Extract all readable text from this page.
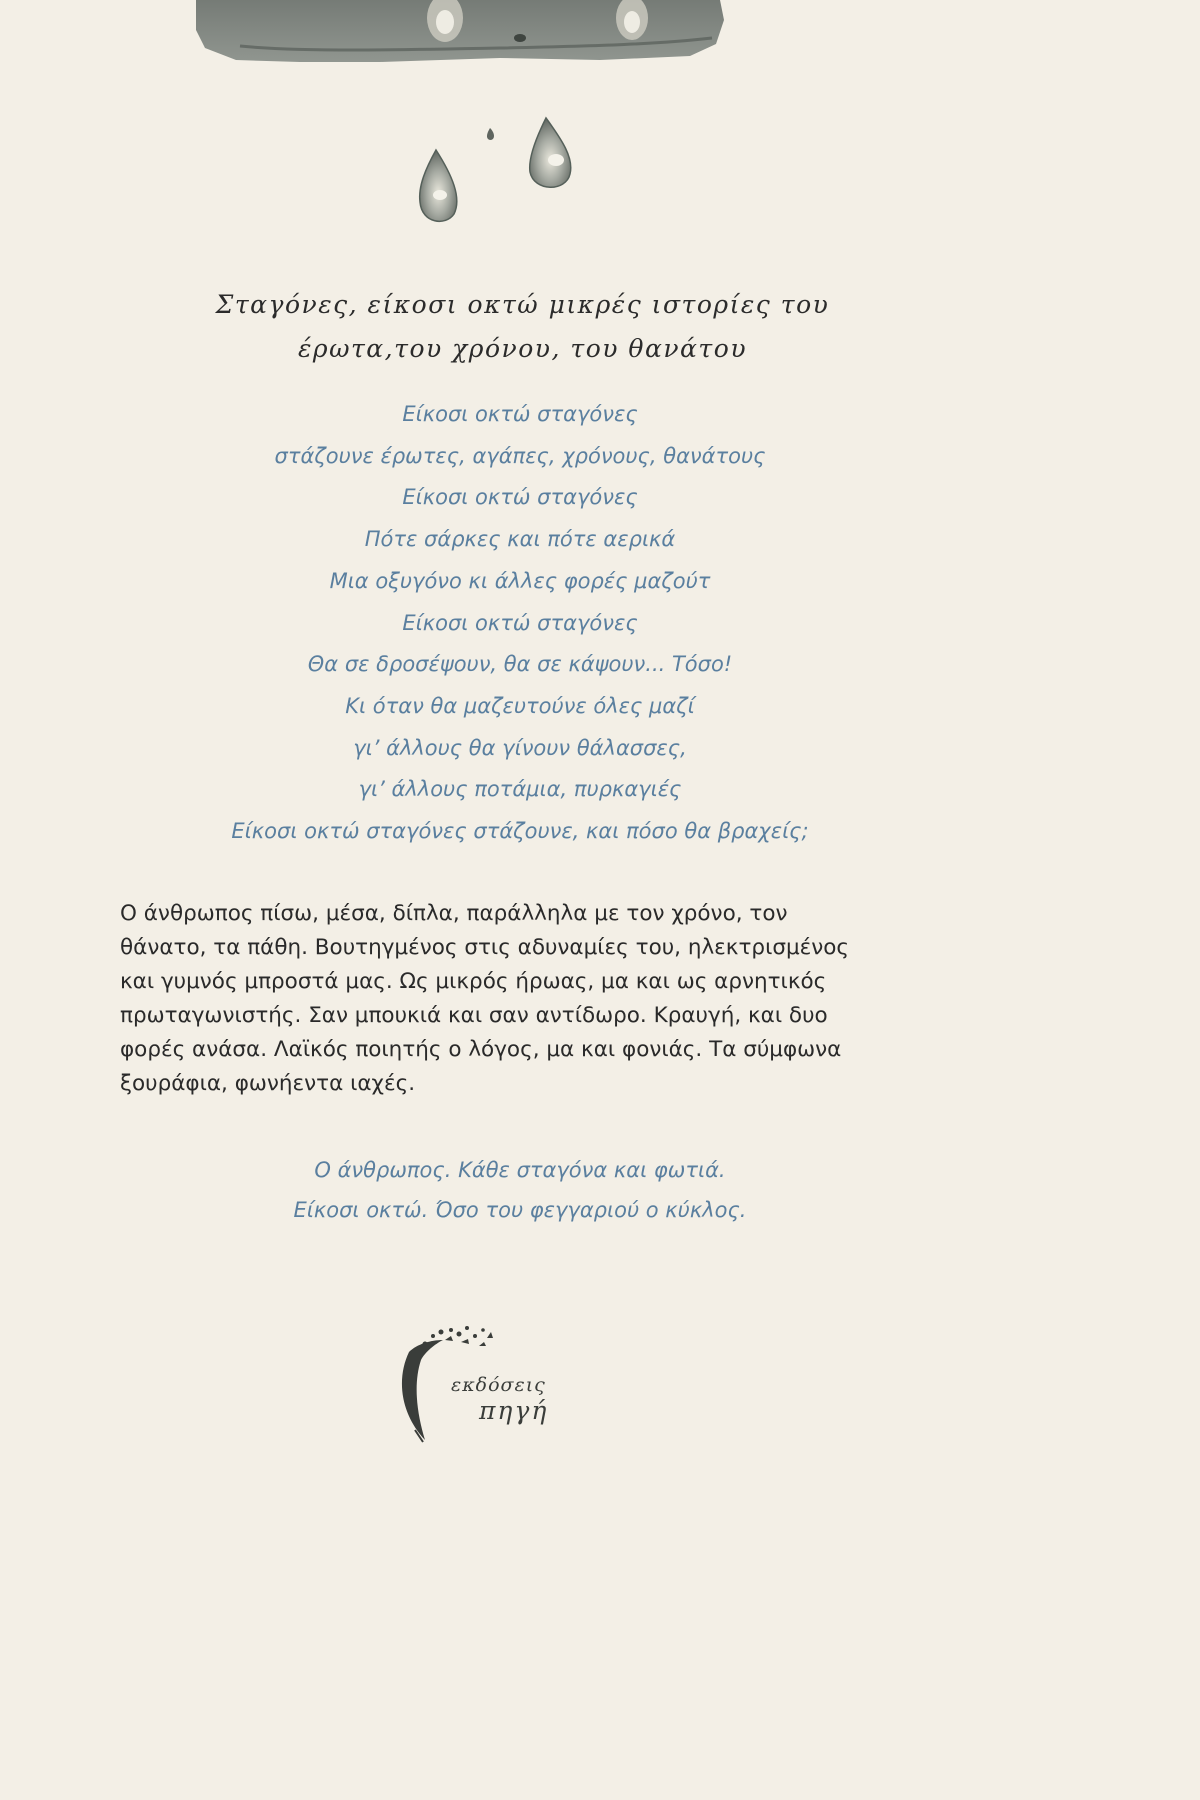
Σταγόνες, είκοσι οκτώ μικρές ιστορίες του
έρωτα,του χρόνου, του θανάτου
Είκοσι οκτώ σταγόνες
στάζουνε έρωτες, αγάπες, χρόνους, θανάτους
Είκοσι οκτώ σταγόνες
Πότε σάρκες και πότε αερικά
Μια οξυγόνο κι άλλες φορές μαζούτ
Είκοσι οκτώ σταγόνες
Θα σε δροσέψουν, θα σε κάψουν... Τόσο!
Κι όταν θα μαζευτούνε όλες μαζί
γι’ άλλους θα γίνουν θάλασσες,
γι’ άλλους ποτάμια, πυρκαγιές
Είκοσι οκτώ σταγόνες στάζουνε, και πόσο θα βραχείς;
Ο άνθρωπος πίσω, μέσα, δίπλα, παράλληλα με τον χρόνο, τον
θάνατο, τα πάθη. Βουτηγμένος στις αδυναμίες του, ηλεκτρισμένος
και γυμνός μπροστά μας. Ως μικρός ήρωας, μα και ως αρνητικός
πρωταγωνιστής. Σαν μπουκιά και σαν αντίδωρο. Κραυγή, και δυο
φορές ανάσα. Λαϊκός ποιητής ο λόγος, μα και φονιάς. Τα σύμφωνα
ξουράφια, φωνήεντα ιαχές.
Ο άνθρωπος. Κάθε σταγόνα και φωτιά.
Είκοσι οκτώ. Όσο του φεγγαριού ο κύκλος.
εκδόσεις
πηγή
